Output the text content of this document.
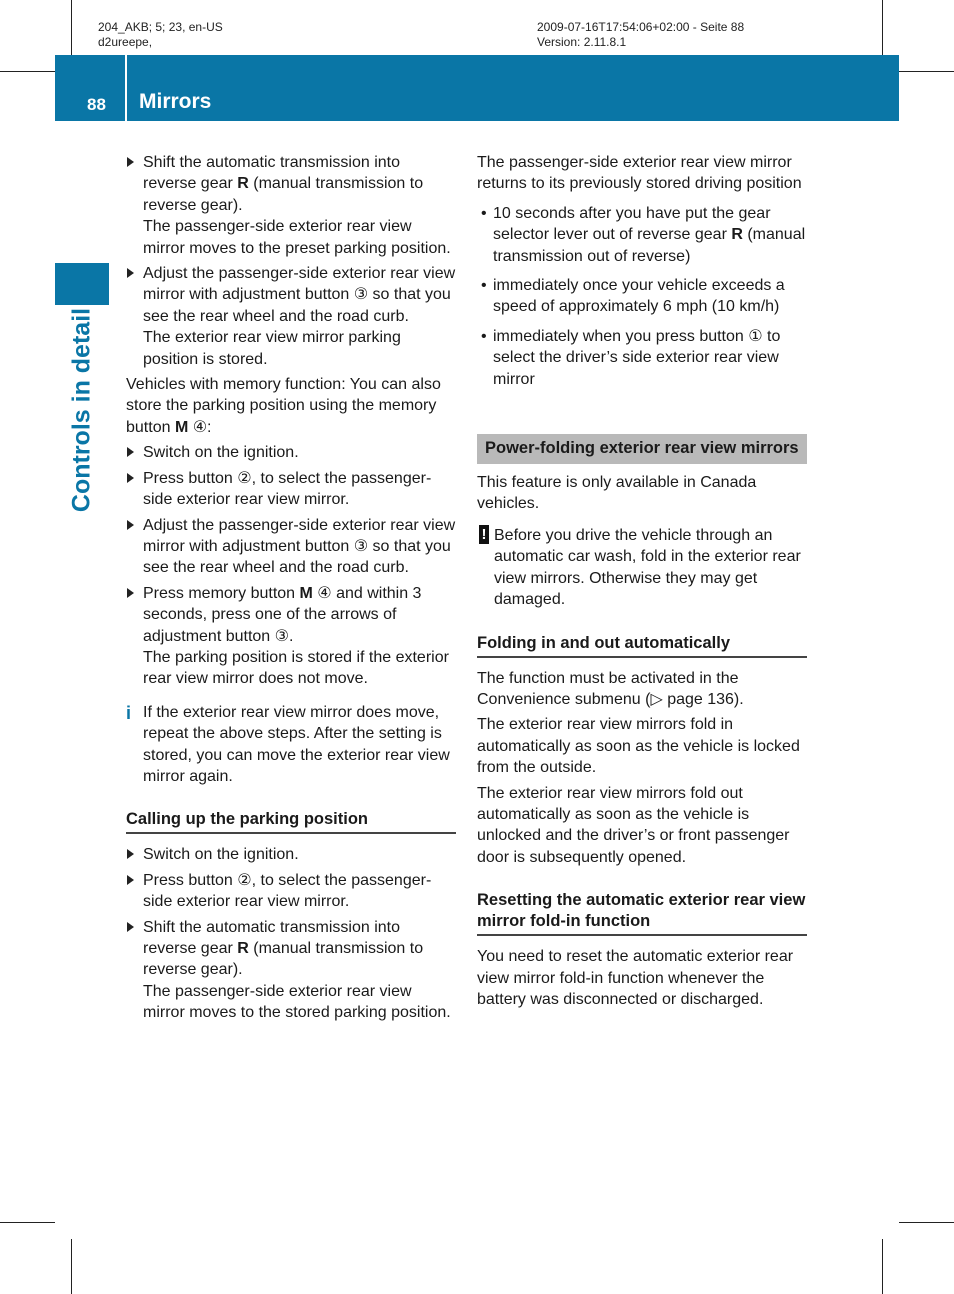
204_AKB; 5; 23, en-US
d2ureepe,
2009-07-16T17:54:06+02:00 - Seite 88
Version: 2.11.8.1
88 Mirrors
Controls in detail
Shift the automatic transmission into reverse gear R (manual transmission to reverse gear).
The passenger-side exterior rear view mirror moves to the preset parking position.
Adjust the passenger-side exterior rear view mirror with adjustment button ③ so that you see the rear wheel and the road curb.
The exterior rear view mirror parking position is stored.

Vehicles with memory function: You can also store the parking position using the memory button M ④:

Switch on the ignition.
Press button ②, to select the passenger-side exterior rear view mirror.
Adjust the passenger-side exterior rear view mirror with adjustment button ③ so that you see the rear wheel and the road curb.
Press memory button M ④ and within 3 seconds, press one of the arrows of adjustment button ③.
The parking position is stored if the exterior rear view mirror does not move.
i If the exterior rear view mirror does move, repeat the above steps. After the setting is stored, you can move the exterior rear view mirror again.
Calling up the parking position
Switch on the ignition.
Press button ②, to select the passenger-side exterior rear view mirror.
Shift the automatic transmission into reverse gear R (manual transmission to reverse gear).
The passenger-side exterior rear view mirror moves to the stored parking position.

The passenger-side exterior rear view mirror returns to its previously stored driving position

• 10 seconds after you have put the gear selector lever out of reverse gear R (manual transmission out of reverse)
• immediately once your vehicle exceeds a speed of approximately 6 mph (10 km/h)
• immediately when you press button ① to select the driver’s side exterior rear view mirror
Power-folding exterior rear view mirrors

This feature is only available in Canada vehicles.

! Before you drive the vehicle through an automatic car wash, fold in the exterior rear view mirrors. Otherwise they may get damaged.
Folding in and out automatically

The function must be activated in the Convenience submenu (▷ page 136).

The exterior rear view mirrors fold in automatically as soon as the vehicle is locked from the outside.

The exterior rear view mirrors fold out automatically as soon as the vehicle is unlocked and the driver’s or front passenger door is subsequently opened.

Resetting the automatic exterior rear view mirror fold-in function

You need to reset the automatic exterior rear view mirror fold-in function whenever the battery was disconnected or discharged.
